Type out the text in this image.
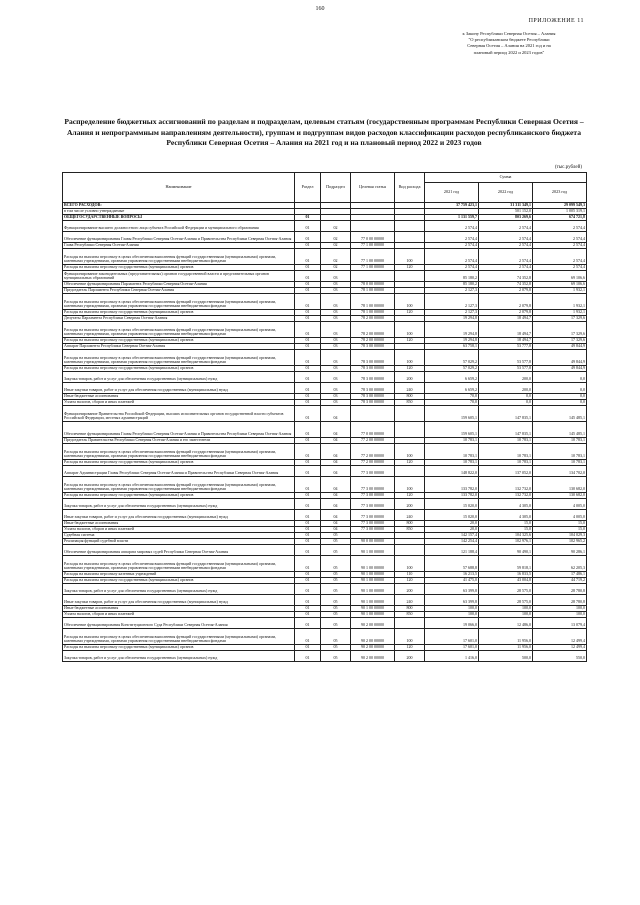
160
ПРИЛОЖЕНИЕ 11
к Закону Республики Северная Осетия – Алания
"О республиканском бюджете Республики
Северная Осетия – Алания на 2021 год и на
плановый период 2022 и 2023 годов"
Распределение бюджетных ассигнований по разделам и подразделам, целевым статьям (государственным программам Республики Северная Осетия – Алания и непрограммным направлениям деятельности), группам и подгруппам видов расходов классификации расходов республиканского бюджета Республики Северная Осетия – Алания на 2021 год и на плановый период 2022 и 2023 годов
(тыс.рублей)
Наименование	Раздел	Подраздел	Целевая статья	Вид расхода	Сумма		
					2021 год	2022 год	2023 год
ВСЕГО РАСХОДОВ:					37 759 423,1	31 311 349,1	29 099 549,3
в том числе условно утверждаемые						501 152,0	1 005 319,1
ОБЩЕГОСУДАРСТВЕННЫЕ ВОПРОСЫ	01				1 131 559,7	803 269,6	674 721,8
Функционирование высшего должностного лица субъекта Российской Федерации и муниципального образования	01	02			2 574,4	2 574,4	2 574,4
Обеспечение функционирования Главы Республики Северная Осетия-Алания и Правительства Республики Северная Осетия-Алания	01	02	77 0 00 00000		2 574,4	2 574,4	2 574,4
Глава Республики Северная Осетия-Алания	01	02	77 1 00 00000		2 574,4	2 574,4	2 574,4
Расходы на выплаты персоналу в целях обеспечения выполнения функций государственными (муниципальными) органами, казенными учреждениями, органами управления государственными внебюджетными фондами	01	02	77 1 00 00000	100	2 574,4	2 574,4	2 574,4
Расходы на выплаты персоналу государственных (муниципальных) органов	01	02	77 1 00 00000	120	2 574,4	2 574,4	2 574,4
Функционирование законодательных (представительных) органов государственной власти и представительных органов муниципальных образований	01	03			85 180,2	74 352,8	69 106,6
Обеспечение функционирования Парламента Республики Северная Осетия-Алания	01	03	78 0 00 00000		85 180,2	74 352,8	69 106,6
Председатель Парламента Республики Северная Осетия-Алания	01	03	78 1 00 00000		2 127,3	2 079,8	1 932,1
Расходы на выплаты персоналу в целях обеспечения выполнения функций государственными (муниципальными) органами, казенными учреждениями, органами управления государственными внебюджетными фондами	01	03	78 1 00 00000	100	2 127,3	2 079,8	1 932,1
Расходы на выплаты персоналу государственных (муниципальных) органов	01	03	78 1 00 00000	120	2 127,3	2 079,8	1 932,1
Депутаты Парламента Республики Северная Осетия-Алания	01	03	78 2 00 00000		19 294,8	18 494,7	17 329,6
Расходы на выплаты персоналу в целях обеспечения выполнения функций государственными (муниципальными) органами, казенными учреждениями, органами управления государственными внебюджетными фондами	01	03	78 2 00 00000	100	19 294,8	18 494,7	17 329,6
Расходы на выплаты персоналу государственных (муниципальных) органов	01	03	78 2 00 00000	120	19 294,8	18 494,7	17 329,6
Аппарат Парламента Республики Северная Осетия-Алания	01	03	78 3 00 00000		63 758,1	53 777,8	49 844,9
Расходы на выплаты персоналу в целях обеспечения выполнения функций государственными (муниципальными) органами, казенными учреждениями, органами управления государственными внебюджетными фондами	01	03	78 3 00 00000	100	57 029,2	53 577,8	49 844,9
Расходы на выплаты персоналу государственных (муниципальных) органов	01	03	78 3 00 00000	120	57 029,2	53 577,8	49 844,9
Закупка товаров, работ и услуг для обеспечения государственных (муниципальных) нужд	01	03	78 3 00 00000	200	6 659,2	200,0	0,0
Иные закупки товаров, работ и услуг для обеспечения государственных (муниципальных) нужд	01	03	78 3 00 00000	240	6 659,2	200,0	0,0
Иные бюджетные ассигнования	01	03	78 3 00 00000	800	70,0	0,0	0,0
Уплата налогов, сборов и иных платежей	01	03	78 3 00 00000	850	70,0	0,0	0,0
Функционирование Правительства Российской Федерации, высших исполнительных органов государственной власти субъектов Российской Федерации, местных администраций	01	04			159 605,1	147 835,1	145 485,1
Обеспечение функционирования Главы Республики Северная Осетия-Алания и Правительства Республики Северная Осетия-Алания	01	04	77 0 00 00000		159 605,1	147 835,1	145 485,1
Председатель Правительства Республики Северная Осетия-Алания и его заместители	01	04	77 2 00 00000		10 783,1	10 783,1	10 783,1
Расходы на выплаты персоналу в целях обеспечения выполнения функций государственными (муниципальными) органами, казенными учреждениями, органами управления государственными внебюджетными фондами	01	04	77 2 00 00000	100	10 783,1	10 783,1	10 783,1
Расходы на выплаты персоналу государственных (муниципальных) органов	01	04	77 2 00 00000	120	10 783,1	10 783,1	10 783,1
Аппарат Администрации Главы Республики Северная Осетия-Алания и Правительства Республики Северная Осетия-Алания	01	04	77 3 00 00000		148 822,0	137 052,0	134 702,0
Расходы на выплаты персоналу в целях обеспечения выполнения функций государственными (муниципальными) органами, казенными учреждениями, органами управления государственными внебюджетными фондами	01	04	77 3 00 00000	100	133 782,0	132 732,0	130 682,0
Расходы на выплаты персоналу государственных (муниципальных) органов	01	04	77 3 00 00000	120	133 782,0	132 732,0	130 682,0
Закупка товаров, работ и услуг для обеспечения государственных (муниципальных) нужд	01	04	77 3 00 00000	200	15 020,0	4 305,0	4 005,0
Иные закупки товаров, работ и услуг для обеспечения государственных (муниципальных) нужд	01	04	77 3 00 00000	240	15 020,0	4 305,0	4 005,0
Иные бюджетные ассигнования	01	04	77 3 00 00000	800	20,0	15,0	15,0
Уплата налогов, сборов и иных платежей	01	04	77 3 00 00000	850	20,0	15,0	15,0
Судебная система	01	05			142 157,4	104 325,6	104 029,3
Реализация функций судебной власти	01	05	90 0 00 00000		142 254,4	102 976,1	102 965,2
Обеспечение функционирования аппарата мировых судей Республики Северная Осетия-Алания	01	05	90 1 00 00000		121 188,4	90 490,1	90 286,1
Расходы на выплаты персоналу в целях обеспечения выполнения функций государственными (муниципальными) органами, казенными учреждениями, органами управления государственными внебюджетными фондами	01	05	90 1 00 00000	100	57 688,8	59 818,1	62 205,3
Расходы на выплаты персоналу казенных учреждений	01	05	90 1 00 00000	110	16 213,5	16 833,5	17 486,1
Расходы на выплаты персоналу государственных (муниципальных) органов	01	05	90 1 00 00000	120	41 475,0	43 004,8	44 719,2
Закупка товаров, работ и услуг для обеспечения государственных (муниципальных) нужд	01	05	90 1 00 00000	200	63 399,8	28 575,0	28 780,8
Иные закупки товаров, работ и услуг для обеспечения государственных (муниципальных) нужд	01	05	90 1 00 00000	240	63 399,8	28 575,0	28 780,8
Иные бюджетные ассигнования	01	05	90 1 00 00000	800	100,0	100,0	100,0
Уплата налогов, сборов и иных платежей	01	05	90 1 00 00000	850	100,0	100,0	100,0
Обеспечение функционирования Конституционного Суда Республики Северная Осетия-Алания	01	05	90 2 00 00000		19 066,0	12 486,0	13 079,4
Расходы на выплаты персоналу в целях обеспечения выполнения функций государственными (муниципальными) органами, казенными учреждениями, органами управления государственными внебюджетными фондами	01	05	90 2 00 00000	100	17 601,0	11 956,0	12 499,4
Расходы на выплаты персоналу государственных (муниципальных) органов	01	05	90 2 00 00000	120	17 601,0	11 956,0	12 499,4
Закупка товаров, работ и услуг для обеспечения государственных (муниципальных) нужд	01	05	90 2 00 00000	200	1 416,0	500,0	550,0
